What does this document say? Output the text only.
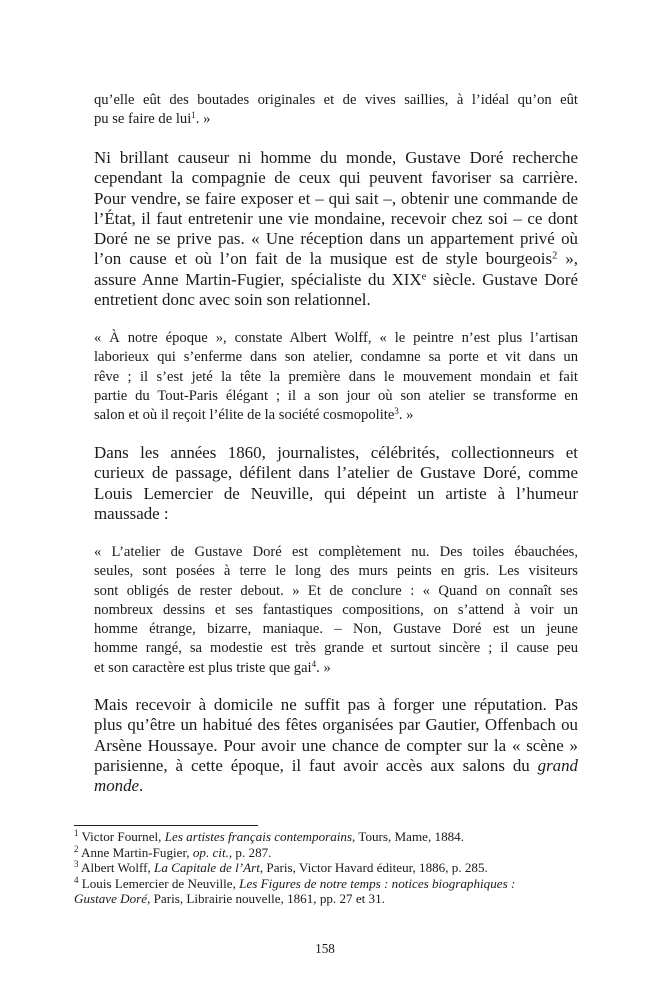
qu’elle eût des boutades originales et de vives saillies, à l’idéal qu’on eût
pu se faire de lui$^1$. »
Ni brillant causeur ni homme du monde, Gustave Doré recherche
cependant la compagnie de ceux qui peuvent favoriser sa carrière.
Pour vendre, se faire exposer et – qui sait –, obtenir une commande de
l’État, il faut entretenir une vie mondaine, recevoir chez soi – ce dont
Doré ne se prive pas. « Une réception dans un appartement privé où
l’on cause et où l’on fait de la musique est de style bourgeois$^2$ »,
assure Anne Martin-Fugier, spécialiste du XIXe siècle. Gustave Doré
entretient donc avec soin son relationnel.
« À notre époque », constate Albert Wolff, « le peintre n’est plus l’artisan
laborieux qui s’enferme dans son atelier, condamne sa porte et vit dans un
rêve ; il s’est jeté la tête la première dans le mouvement mondain et fait
partie du Tout-Paris élégant ; il a son jour où son atelier se transforme en
salon et où il reçoit l’élite de la société cosmopolite$^3$. »
Dans les années 1860, journalistes, célébrités, collectionneurs et
curieux de passage, défilent dans l’atelier de Gustave Doré, comme
Louis Lemercier de Neuville, qui dépeint un artiste à l’humeur
maussade :
« L’atelier de Gustave Doré est complètement nu. Des toiles ébauchées,
seules, sont posées à terre le long des murs peints en gris. Les visiteurs
sont obligés de rester debout. » Et de conclure : « Quand on connaît ses
nombreux dessins et ses fantastiques compositions, on s’attend à voir un
homme étrange, bizarre, maniaque. – Non, Gustave Doré est un jeune
homme rangé, sa modestie est très grande et surtout sincère ; il cause peu
et son caractère est plus triste que gai$^4$. »
Mais recevoir à domicile ne suffit pas à forger une réputation. Pas
plus qu’être un habitué des fêtes organisées par Gautier, Offenbach ou
Arsène Houssaye. Pour avoir une chance de compter sur la « scène »
parisienne, à cette époque, il faut avoir accès aux salons du grand
monde.
$^1$ Victor Fournel, Les artistes français contemporains, Tours, Mame, 1884.
$^2$ Anne Martin-Fugier, op. cit., p. 287.
$^3$ Albert Wolff, La Capitale de l’Art, Paris, Victor Havard éditeur, 1886, p. 285.
$^4$ Louis Lemercier de Neuville, Les Figures de notre temps : notices biographiques :
Gustave Doré, Paris, Librairie nouvelle, 1861, pp. 27 et 31.
158
